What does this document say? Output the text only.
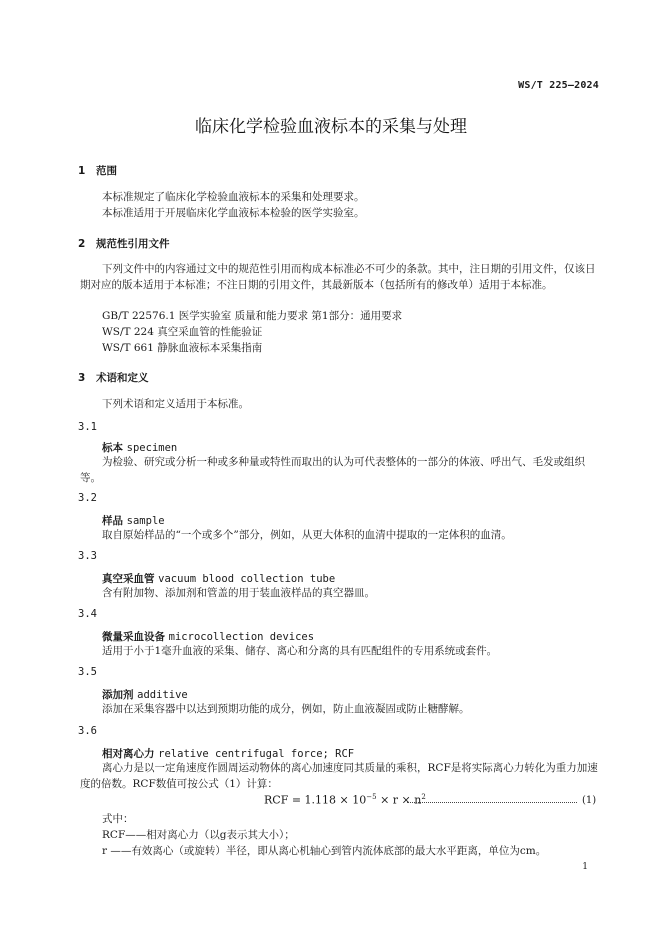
WS/T 225—2024
临床化学检验血液标本的采集与处理
1 范围
本标准规定了临床化学检验血液标本的采集和处理要求。
本标准适用于开展临床化学血液标本检验的医学实验室。
2 规范性引用文件
下列文件中的内容通过文中的规范性引用而构成本标准必不可少的条款。其中，注日期的引用文件，仅该日期对应的版本适用于本标准；不注日期的引用文件，其最新版本（包括所有的修改单）适用于本标准。
GB/T 22576.1 医学实验室 质量和能力要求 第1部分：通用要求
WS/T 224 真空采血管的性能验证
WS/T 661 静脉血液标本采集指南
3 术语和定义
下列术语和定义适用于本标准。
3.1
标本 specimen
为检验、研究或分析一种或多种量或特性而取出的认为可代表整体的一部分的体液、呼出气、毛发或组织等。
3.2
样品 sample
取自原始样品的“一个或多个”部分，例如，从更大体积的血清中提取的一定体积的血清。
3.3
真空采血管 vacuum blood collection tube
含有附加物、添加剂和管盖的用于装血液样品的真空器皿。
3.4
微量采血设备 microcollection devices
适用于小于1毫升血液的采集、储存、离心和分离的具有匹配组件的专用系统或套件。
3.5
添加剂 additive
添加在采集容器中以达到预期功能的成分，例如，防止血液凝固或防止糖酵解。
3.6
相对离心力 relative centrifugal force; RCF
离心力是以一定角速度作圆周运动物体的离心加速度同其质量的乘积，RCF是将实际离心力转化为重力加速度的倍数。RCF数值可按公式（1）计算：
RCF = $1.118 \times 10^{-5} \times r \times n^2$	(1)
式中：
RCF——相对离心力（以g表示其大小）；
r ——有效离心（或旋转）半径，即从离心机轴心到管内流体底部的最大水平距离，单位为cm。
1
